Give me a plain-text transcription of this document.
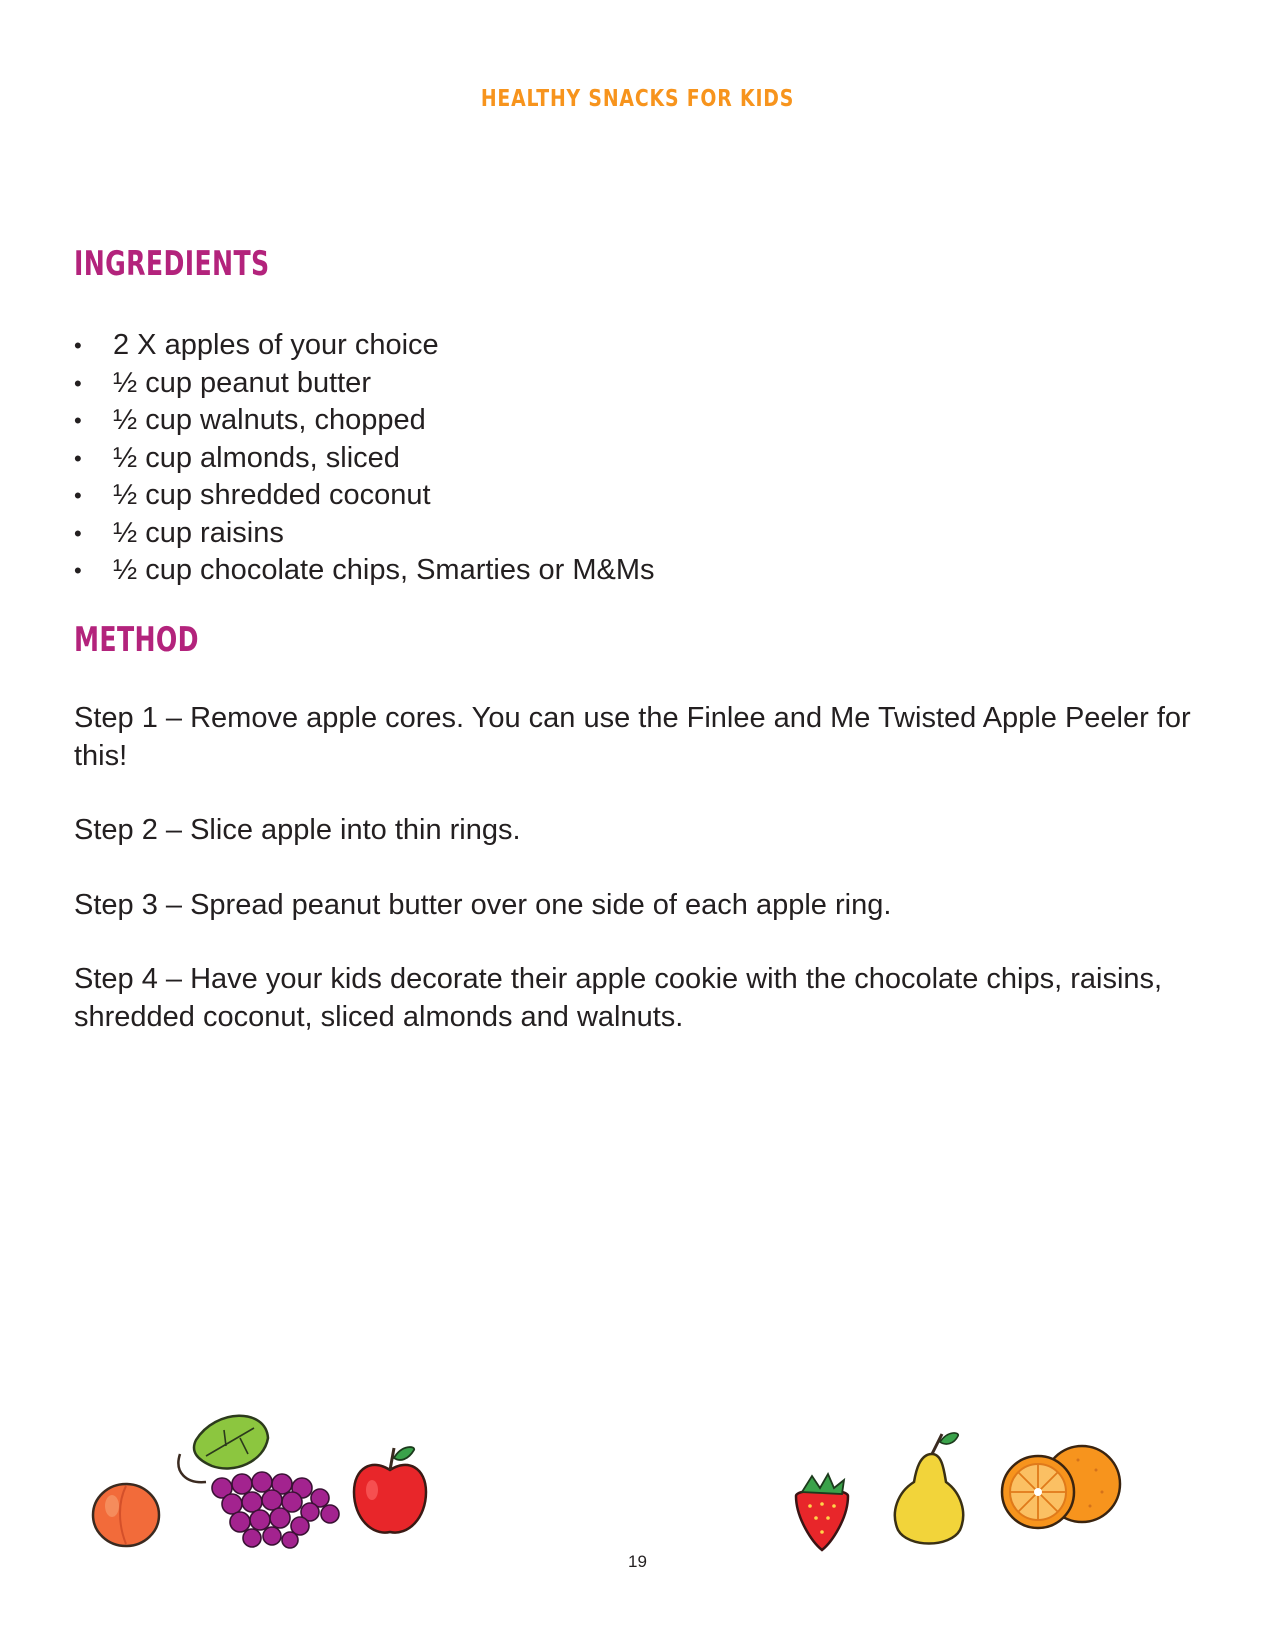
HEALTHY SNACKS FOR KIDS
INGREDIENTS
• 2 X apples of your choice
• ½ cup peanut butter
• ½ cup walnuts, chopped
• ½ cup almonds, sliced
• ½ cup shredded coconut
• ½ cup raisins
• ½ cup chocolate chips, Smarties or M&Ms
METHOD

Step 1 – Remove apple cores. You can use the Finlee and Me Twisted Apple Peeler for this!

Step 2 – Slice apple into thin rings.

Step 3 – Spread peanut butter over one side of each apple ring.

Step 4 – Have your kids decorate their apple cookie with the chocolate chips, raisins, shredded coconut, sliced almonds and walnuts.

19
